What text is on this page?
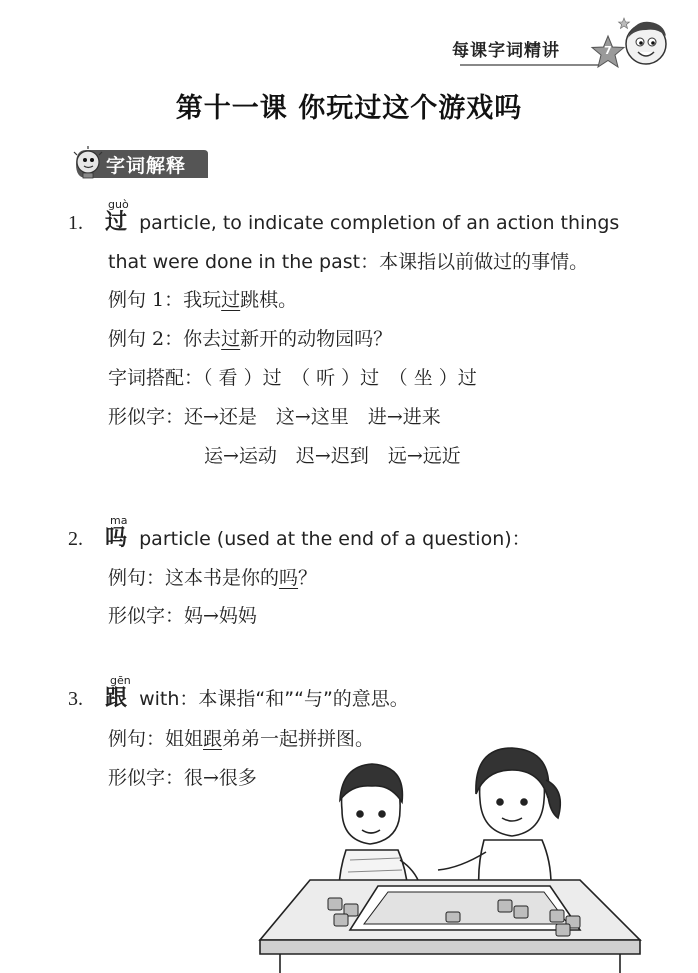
每课字词精讲	7
第十一课 你玩过这个游戏吗
字词解释
guò
1. 过 particle, to indicate completion of an action things
that were done in the past：本课指以前做过的事情。
例句 1：我玩过跳棋。
例句 2：你去过新开的动物园吗？
字词搭配：（ 看 ）过　（ 听 ）过　（ 坐 ）过
形似字：还→还是　这→这里　进→进来
运→运动　迟→迟到　远→远近
ma
2. 吗 particle (used at the end of a question)：
例句：这本书是你的吗？
形似字：妈→妈妈
gēn
3. 跟 with：本课指“和”“与”的意思。
例句：姐姐跟弟弟一起拼拼图。
形似字：很→很多
